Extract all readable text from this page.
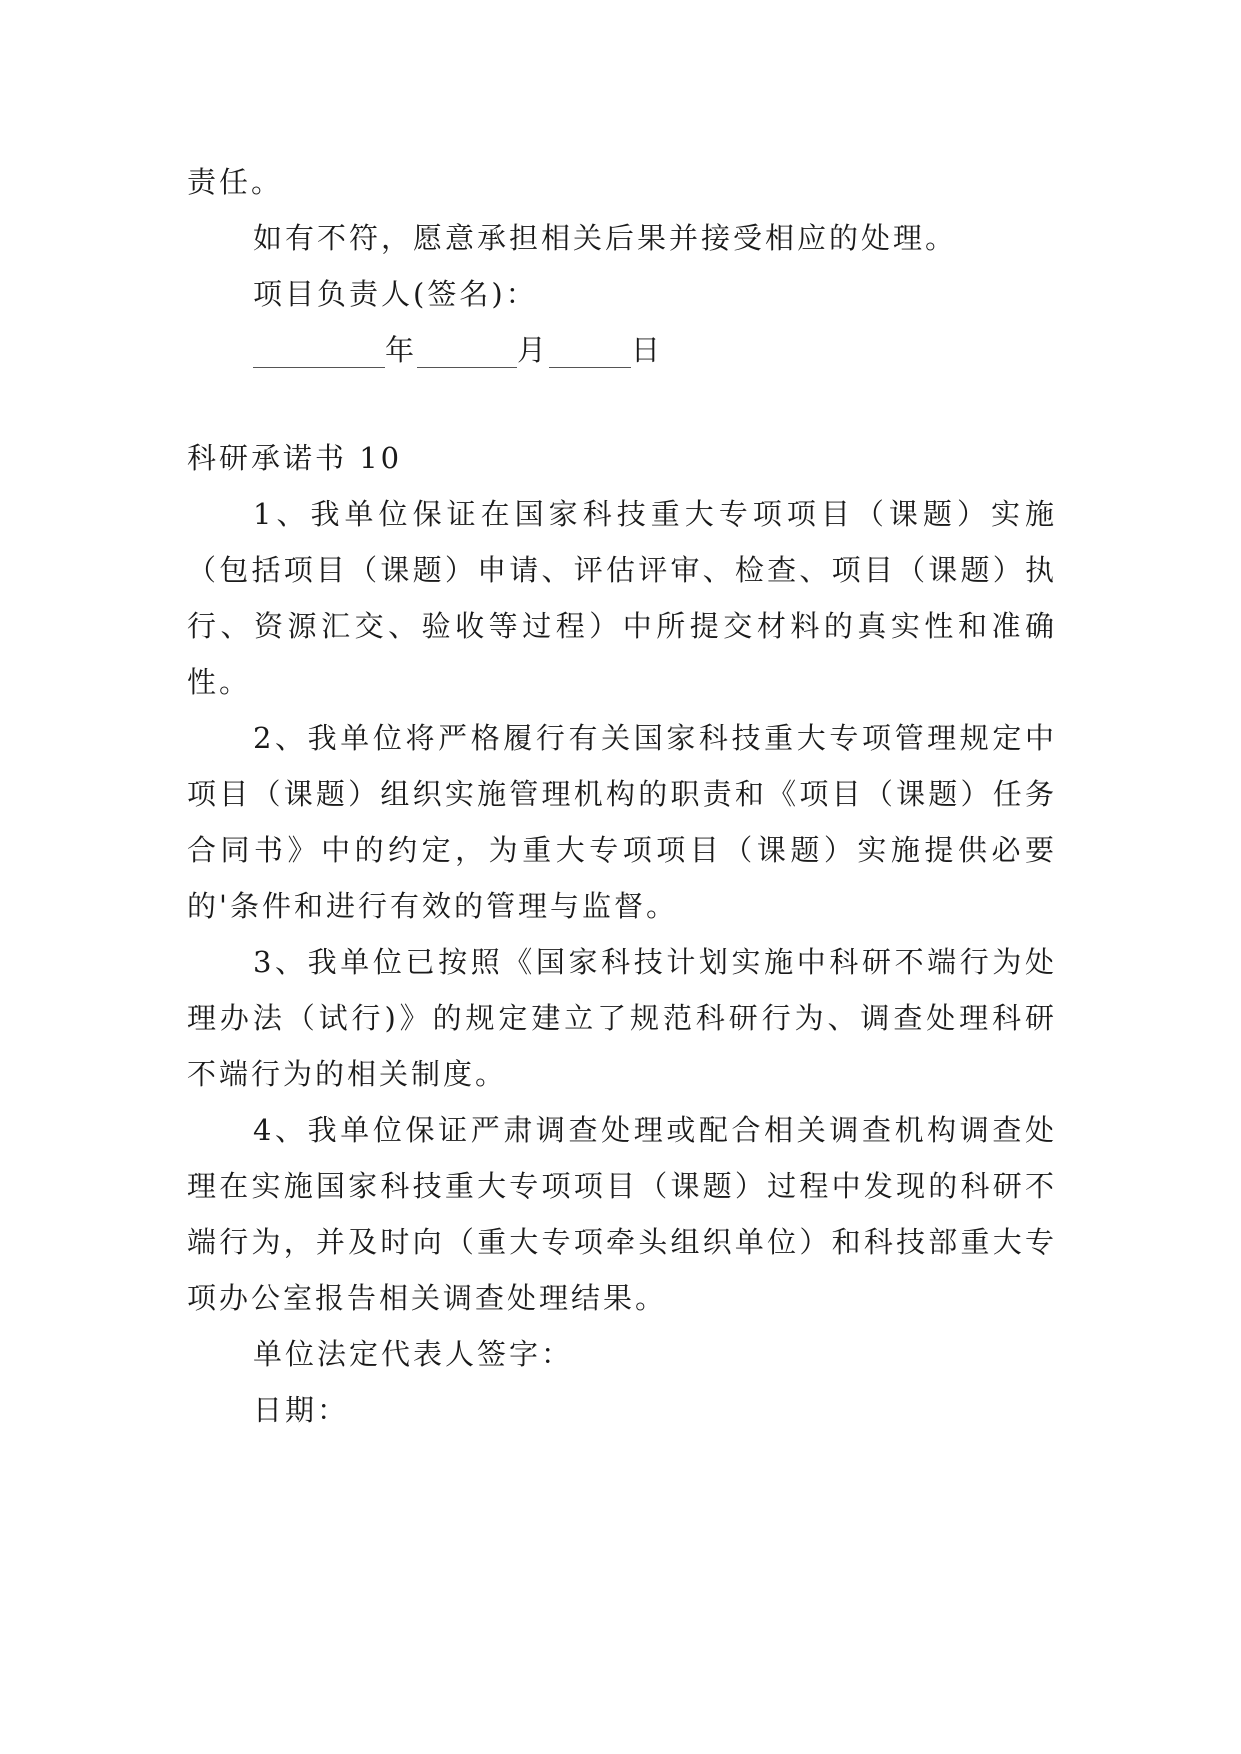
责任。

如有不符，愿意承担相关后果并接受相应的处理。

项目负责人(签名)：

年	月	日

科研承诺书 10

1、我单位保证在国家科技重大专项项目（课题）实施（包括项目（课题）申请、评估评审、检查、项目（课题）执行、资源汇交、验收等过程）中所提交材料的真实性和准确性。

2、我单位将严格履行有关国家科技重大专项管理规定中项目（课题）组织实施管理机构的职责和《项目（课题）任务合同书》中的约定，为重大专项项目（课题）实施提供必要的'条件和进行有效的管理与监督。

3、我单位已按照《国家科技计划实施中科研不端行为处理办法（试行)》的规定建立了规范科研行为、调查处理科研不端行为的相关制度。

4、我单位保证严肃调查处理或配合相关调查机构调查处理在实施国家科技重大专项项目（课题）过程中发现的科研不端行为，并及时向（重大专项牵头组织单位）和科技部重大专项办公室报告相关调查处理结果。

单位法定代表人签字：

日期：
